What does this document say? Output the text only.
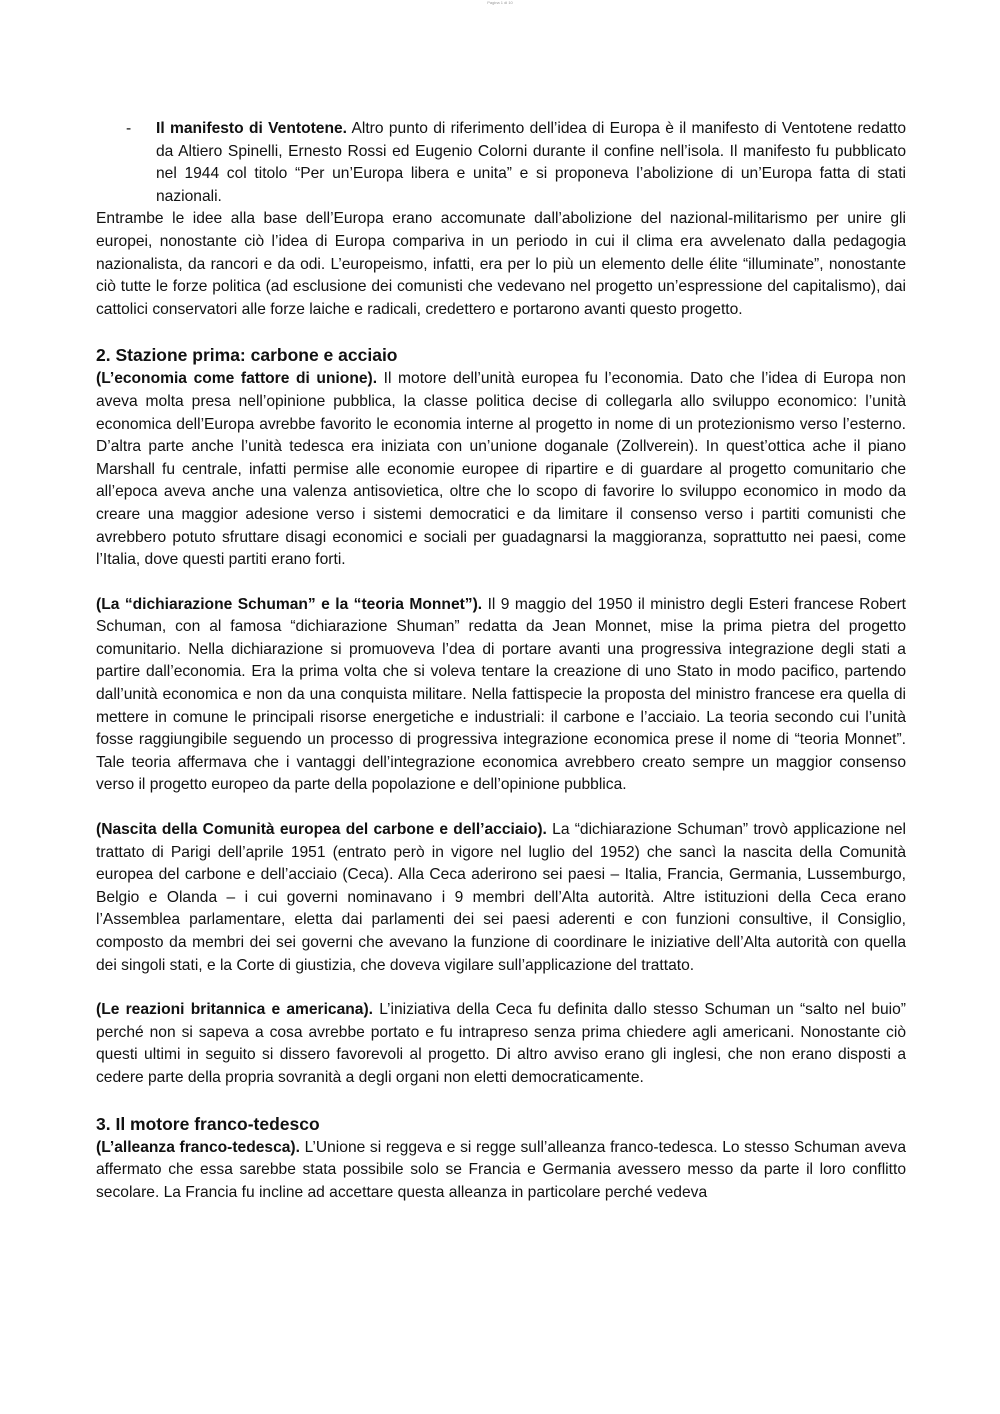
Pagina 1 di 10
- Il manifesto di Ventotene. Altro punto di riferimento dell’idea di Europa è il manifesto di Ventotene redatto da Altiero Spinelli, Ernesto Rossi ed Eugenio Colorni durante il confine nell’isola. Il manifesto fu pubblicato nel 1944 col titolo “Per un’Europa libera e unita” e si proponeva l’abolizione di un’Europa fatta di stati nazionali.

Entrambe le idee alla base dell’Europa erano accomunate dall’abolizione del nazional-militarismo per unire gli europei, nonostante ciò l’idea di Europa compariva in un periodo in cui il clima era avvelenato dalla pedagogia nazionalista, da rancori e da odi. L’europeismo, infatti, era per lo più un elemento delle élite “illuminate”, nonostante ciò tutte le forze politica (ad esclusione dei comunisti che vedevano nel progetto un’espressione del capitalismo), dai cattolici conservatori alle forze laiche e radicali, credettero e portarono avanti questo progetto.

2. Stazione prima: carbone e acciaio

(L’economia come fattore di unione). Il motore dell’unità europea fu l’economia. Dato che l’idea di Europa non aveva molta presa nell’opinione pubblica, la classe politica decise di collegarla allo sviluppo economico: l’unità economica dell’Europa avrebbe favorito le economia interne al progetto in nome di un protezionismo verso l’esterno. D’altra parte anche l’unità tedesca era iniziata con un’unione doganale (Zollverein). In quest’ottica ache il piano Marshall fu centrale, infatti permise alle economie europee di ripartire e di guardare al progetto comunitario che all’epoca aveva anche una valenza antisovietica, oltre che lo scopo di favorire lo sviluppo economico in modo da creare una maggior adesione verso i sistemi democratici e da limitare il consenso verso i partiti comunisti che avrebbero potuto sfruttare disagi economici e sociali per guadagnarsi la maggioranza, soprattutto nei paesi, come l’Italia, dove questi partiti erano forti.

(La “dichiarazione Schuman” e la “teoria Monnet”). Il 9 maggio del 1950 il ministro degli Esteri francese Robert Schuman, con al famosa “dichiarazione Shuman” redatta da Jean Monnet, mise la prima pietra del progetto comunitario. Nella dichiarazione si promuoveva l’dea di portare avanti una progressiva integrazione degli stati a partire dall’economia. Era la prima volta che si voleva tentare la creazione di uno Stato in modo pacifico, partendo dall’unità economica e non da una conquista militare. Nella fattispecie la proposta del ministro francese era quella di mettere in comune le principali risorse energetiche e industriali: il carbone e l’acciaio. La teoria secondo cui l’unità fosse raggiungibile seguendo un processo di progressiva integrazione economica prese il nome di “teoria Monnet”. Tale teoria affermava che i vantaggi dell’integrazione economica avrebbero creato sempre un maggior consenso verso il progetto europeo da parte della popolazione e dell’opinione pubblica.

(Nascita della Comunità europea del carbone e dell’acciaio). La “dichiarazione Schuman” trovò applicazione nel trattato di Parigi dell’aprile 1951 (entrato però in vigore nel luglio del 1952) che sancì la nascita della Comunità europea del carbone e dell’acciaio (Ceca). Alla Ceca aderirono sei paesi – Italia, Francia, Germania, Lussemburgo, Belgio e Olanda – i cui governi nominavano i 9 membri dell’Alta autorità. Altre istituzioni della Ceca erano l’Assemblea parlamentare, eletta dai parlamenti dei sei paesi aderenti e con funzioni consultive, il Consiglio, composto da membri dei sei governi che avevano la funzione di coordinare le iniziative dell’Alta autorità con quella dei singoli stati, e la Corte di giustizia, che doveva vigilare sull’applicazione del trattato.

(Le reazioni britannica e americana). L’iniziativa della Ceca fu definita dallo stesso Schuman un “salto nel buio” perché non si sapeva a cosa avrebbe portato e fu intrapreso senza prima chiedere agli americani. Nonostante ciò questi ultimi in seguito si dissero favorevoli al progetto. Di altro avviso erano gli inglesi, che non erano disposti a cedere parte della propria sovranità a degli organi non eletti democraticamente.

3. Il motore franco-tedesco

(L’alleanza franco-tedesca). L’Unione si reggeva e si regge sull’alleanza franco-tedesca. Lo stesso Schuman aveva affermato che essa sarebbe stata possibile solo se Francia e Germania avessero messo da parte il loro conflitto secolare. La Francia fu incline ad accettare questa alleanza in particolare perché vedeva
